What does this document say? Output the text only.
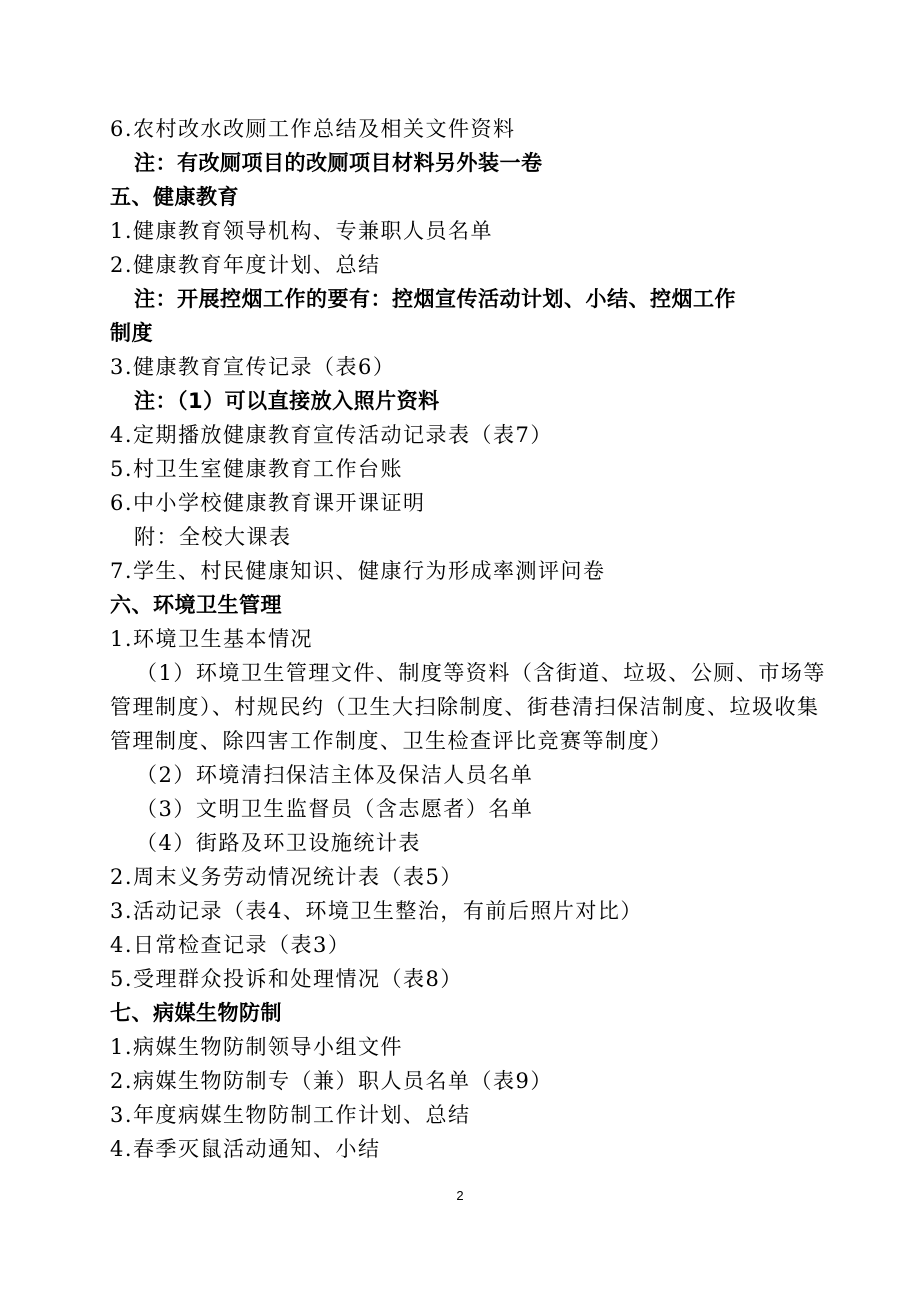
6.农村改水改厕工作总结及相关文件资料
注：有改厕项目的改厕项目材料另外装一卷
五、健康教育
1.健康教育领导机构、专兼职人员名单
2.健康教育年度计划、总结
注：开展控烟工作的要有：控烟宣传活动计划、小结、控烟工作
制度
3.健康教育宣传记录（表6）
注：（1）可以直接放入照片资料
4.定期播放健康教育宣传活动记录表（表7）
5.村卫生室健康教育工作台账
6.中小学校健康教育课开课证明
附：全校大课表
7.学生、村民健康知识、健康行为形成率测评问卷
六、环境卫生管理
1.环境卫生基本情况
（1）环境卫生管理文件、制度等资料（含街道、垃圾、公厕、市场等
管理制度）、村规民约（卫生大扫除制度、街巷清扫保洁制度、垃圾收集
管理制度、除四害工作制度、卫生检查评比竞赛等制度）
（2）环境清扫保洁主体及保洁人员名单
（3）文明卫生监督员（含志愿者）名单
（4）街路及环卫设施统计表
2.周末义务劳动情况统计表（表5）
3.活动记录（表4、环境卫生整治，有前后照片对比）
4.日常检查记录（表3）
5.受理群众投诉和处理情况（表8）
七、病媒生物防制
1.病媒生物防制领导小组文件
2.病媒生物防制专（兼）职人员名单（表9）
3.年度病媒生物防制工作计划、总结
4.春季灭鼠活动通知、小结
2
